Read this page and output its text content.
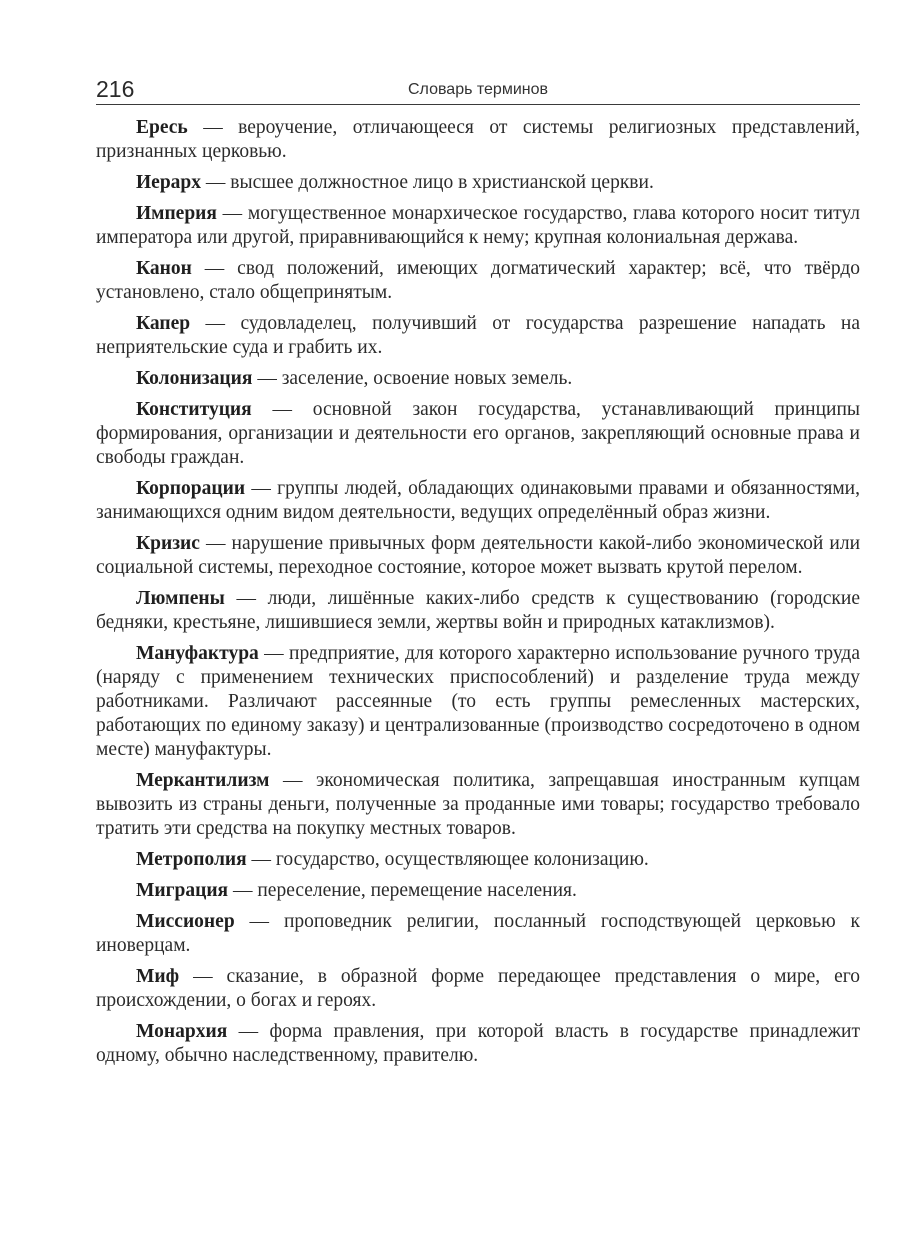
216	Словарь терминов

Ересь — вероучение, отличающееся от системы религиозных представлений, признанных церковью.

Иерарх — высшее должностное лицо в христианской церкви.

Империя — могущественное монархическое государство, глава которого носит титул императора или другой, приравнивающийся к нему; крупная колониальная держава.

Канон — свод положений, имеющих догматический характер; всё, что твёрдо установлено, стало общепринятым.

Капер — судовладелец, получивший от государства разрешение нападать на неприятельские суда и грабить их.

Колонизация — заселение, освоение новых земель.

Конституция — основной закон государства, устанавливающий принципы формирования, организации и деятельности его органов, закрепляющий основные права и свободы граждан.

Корпорации — группы людей, обладающих одинаковыми правами и обязанностями, занимающихся одним видом деятельности, ведущих определённый образ жизни.

Кризис — нарушение привычных форм деятельности какой-либо экономической или социальной системы, переходное состояние, которое может вызвать крутой перелом.

Люмпены — люди, лишённые каких-либо средств к существованию (городские бедняки, крестьяне, лишившиеся земли, жертвы войн и природных катаклизмов).

Мануфактура — предприятие, для которого характерно использование ручного труда (наряду с применением технических приспособлений) и разделение труда между работниками. Различают рассеянные (то есть группы ремесленных мастерских, работающих по единому заказу) и централизованные (производство сосредоточено в одном месте) мануфактуры.

Меркантилизм — экономическая политика, запрещавшая иностранным купцам вывозить из страны деньги, полученные за проданные ими товары; государство требовало тратить эти средства на покупку местных товаров.

Метрополия — государство, осуществляющее колонизацию.

Миграция — переселение, перемещение населения.

Миссионер — проповедник религии, посланный господствующей церковью к иноверцам.

Миф — сказание, в образной форме передающее представления о мире, его происхождении, о богах и героях.

Монархия — форма правления, при которой власть в государстве принадлежит одному, обычно наследственному, правителю.
